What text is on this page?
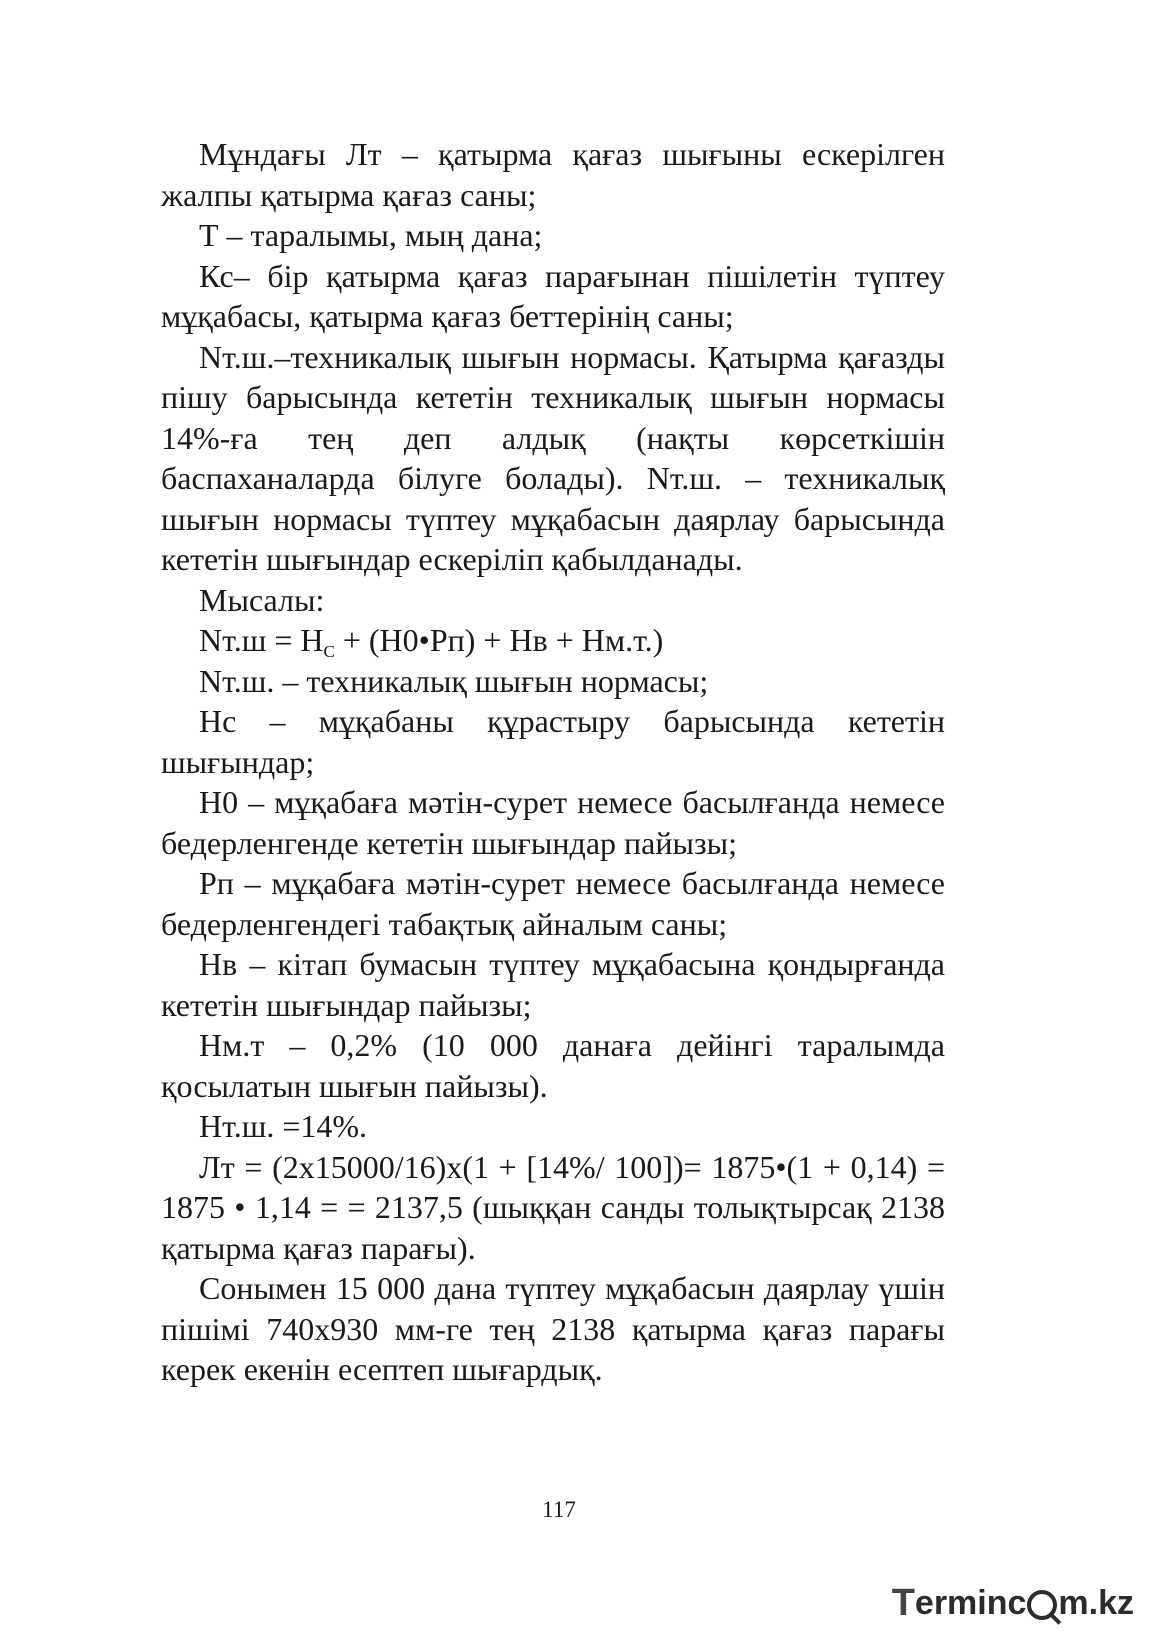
Мұндағы Лт – қатырма қағаз шығыны ескерілген жалпы қатырма қағаз саны;

Т – таралымы, мың дана;

Кс– бір қатырма қағаз парағынан пішілетін түптеу мұқабасы, қатырма қағаз беттерінің саны;

Nт.ш.–техникалық шығын нормасы. Қатырма қағазды пішу барысында кететін техникалық шығын нормасы 14%-ға тең деп алдық (нақты көрсеткішін баспаханаларда білуге болады). Nт.ш. – техникалық шығын нормасы түптеу мұқабасын даярлау барысында кететін шығындар ескеріліп қабылданады.

Мысалы:

$Nт.ш = Н_С$ + (Н0•Рп) + Нв + Нм.т.)

Nт.ш. – техникалық шығын нормасы;

Нс – мұқабаны құрастыру барысында кететін шығындар;

Н0 – мұқабаға мәтін-сурет немесе басылғанда немесе бедерленгенде кететін шығындар пайызы;

Рп – мұқабаға мәтін-сурет немесе басылғанда немесе бедерленгендегі табақтық айналым саны;

Нв – кітап бумасын түптеу мұқабасына қондырғанда кететін шығындар пайызы;

Нм.т – 0,2% (10 000 данаға дейінгі таралымда қосылатын шығын пайызы).

Нт.ш. =14%.

Лт = (2х15000/16)х(1 + [14%/ 100])= 1875•(1 + 0,14) = 1875 • 1,14 = = 2137,5 (шыққан санды толықтырсақ 2138 қатырма қағаз парағы).

Сонымен 15 000 дана түптеу мұқабасын даярлау үшін пішімі 740х930 мм-ге тең 2138 қатырма қағаз парағы керек екенін есептеп шығардық.

117
T erminc m.kz
